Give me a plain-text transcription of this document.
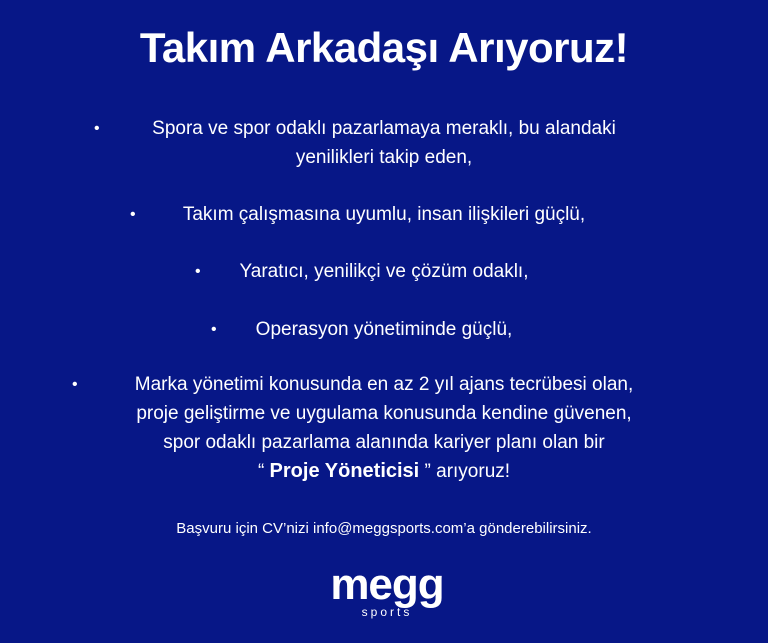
Takım Arkadaşı Arıyoruz!
•	Spora ve spor odaklı pazarlamaya meraklı, bu alandaki
yenilikleri takip eden,
•	Takım çalışmasına uyumlu, insan ilişkileri güçlü,
•	Yaratıcı, yenilikçi ve çözüm odaklı,
•	Operasyon yönetiminde güçlü,
•	Marka yönetimi konusunda en az 2 yıl ajans tecrübesi olan,
proje geliştirme ve uygulama konusunda kendine güvenen,
spor odaklı pazarlama alanında kariyer planı olan bir
“ Proje Yöneticisi ” arıyoruz!
Başvuru için CV’nizi info@meggsports.com’a gönderebilirsiniz.
megg
sports
